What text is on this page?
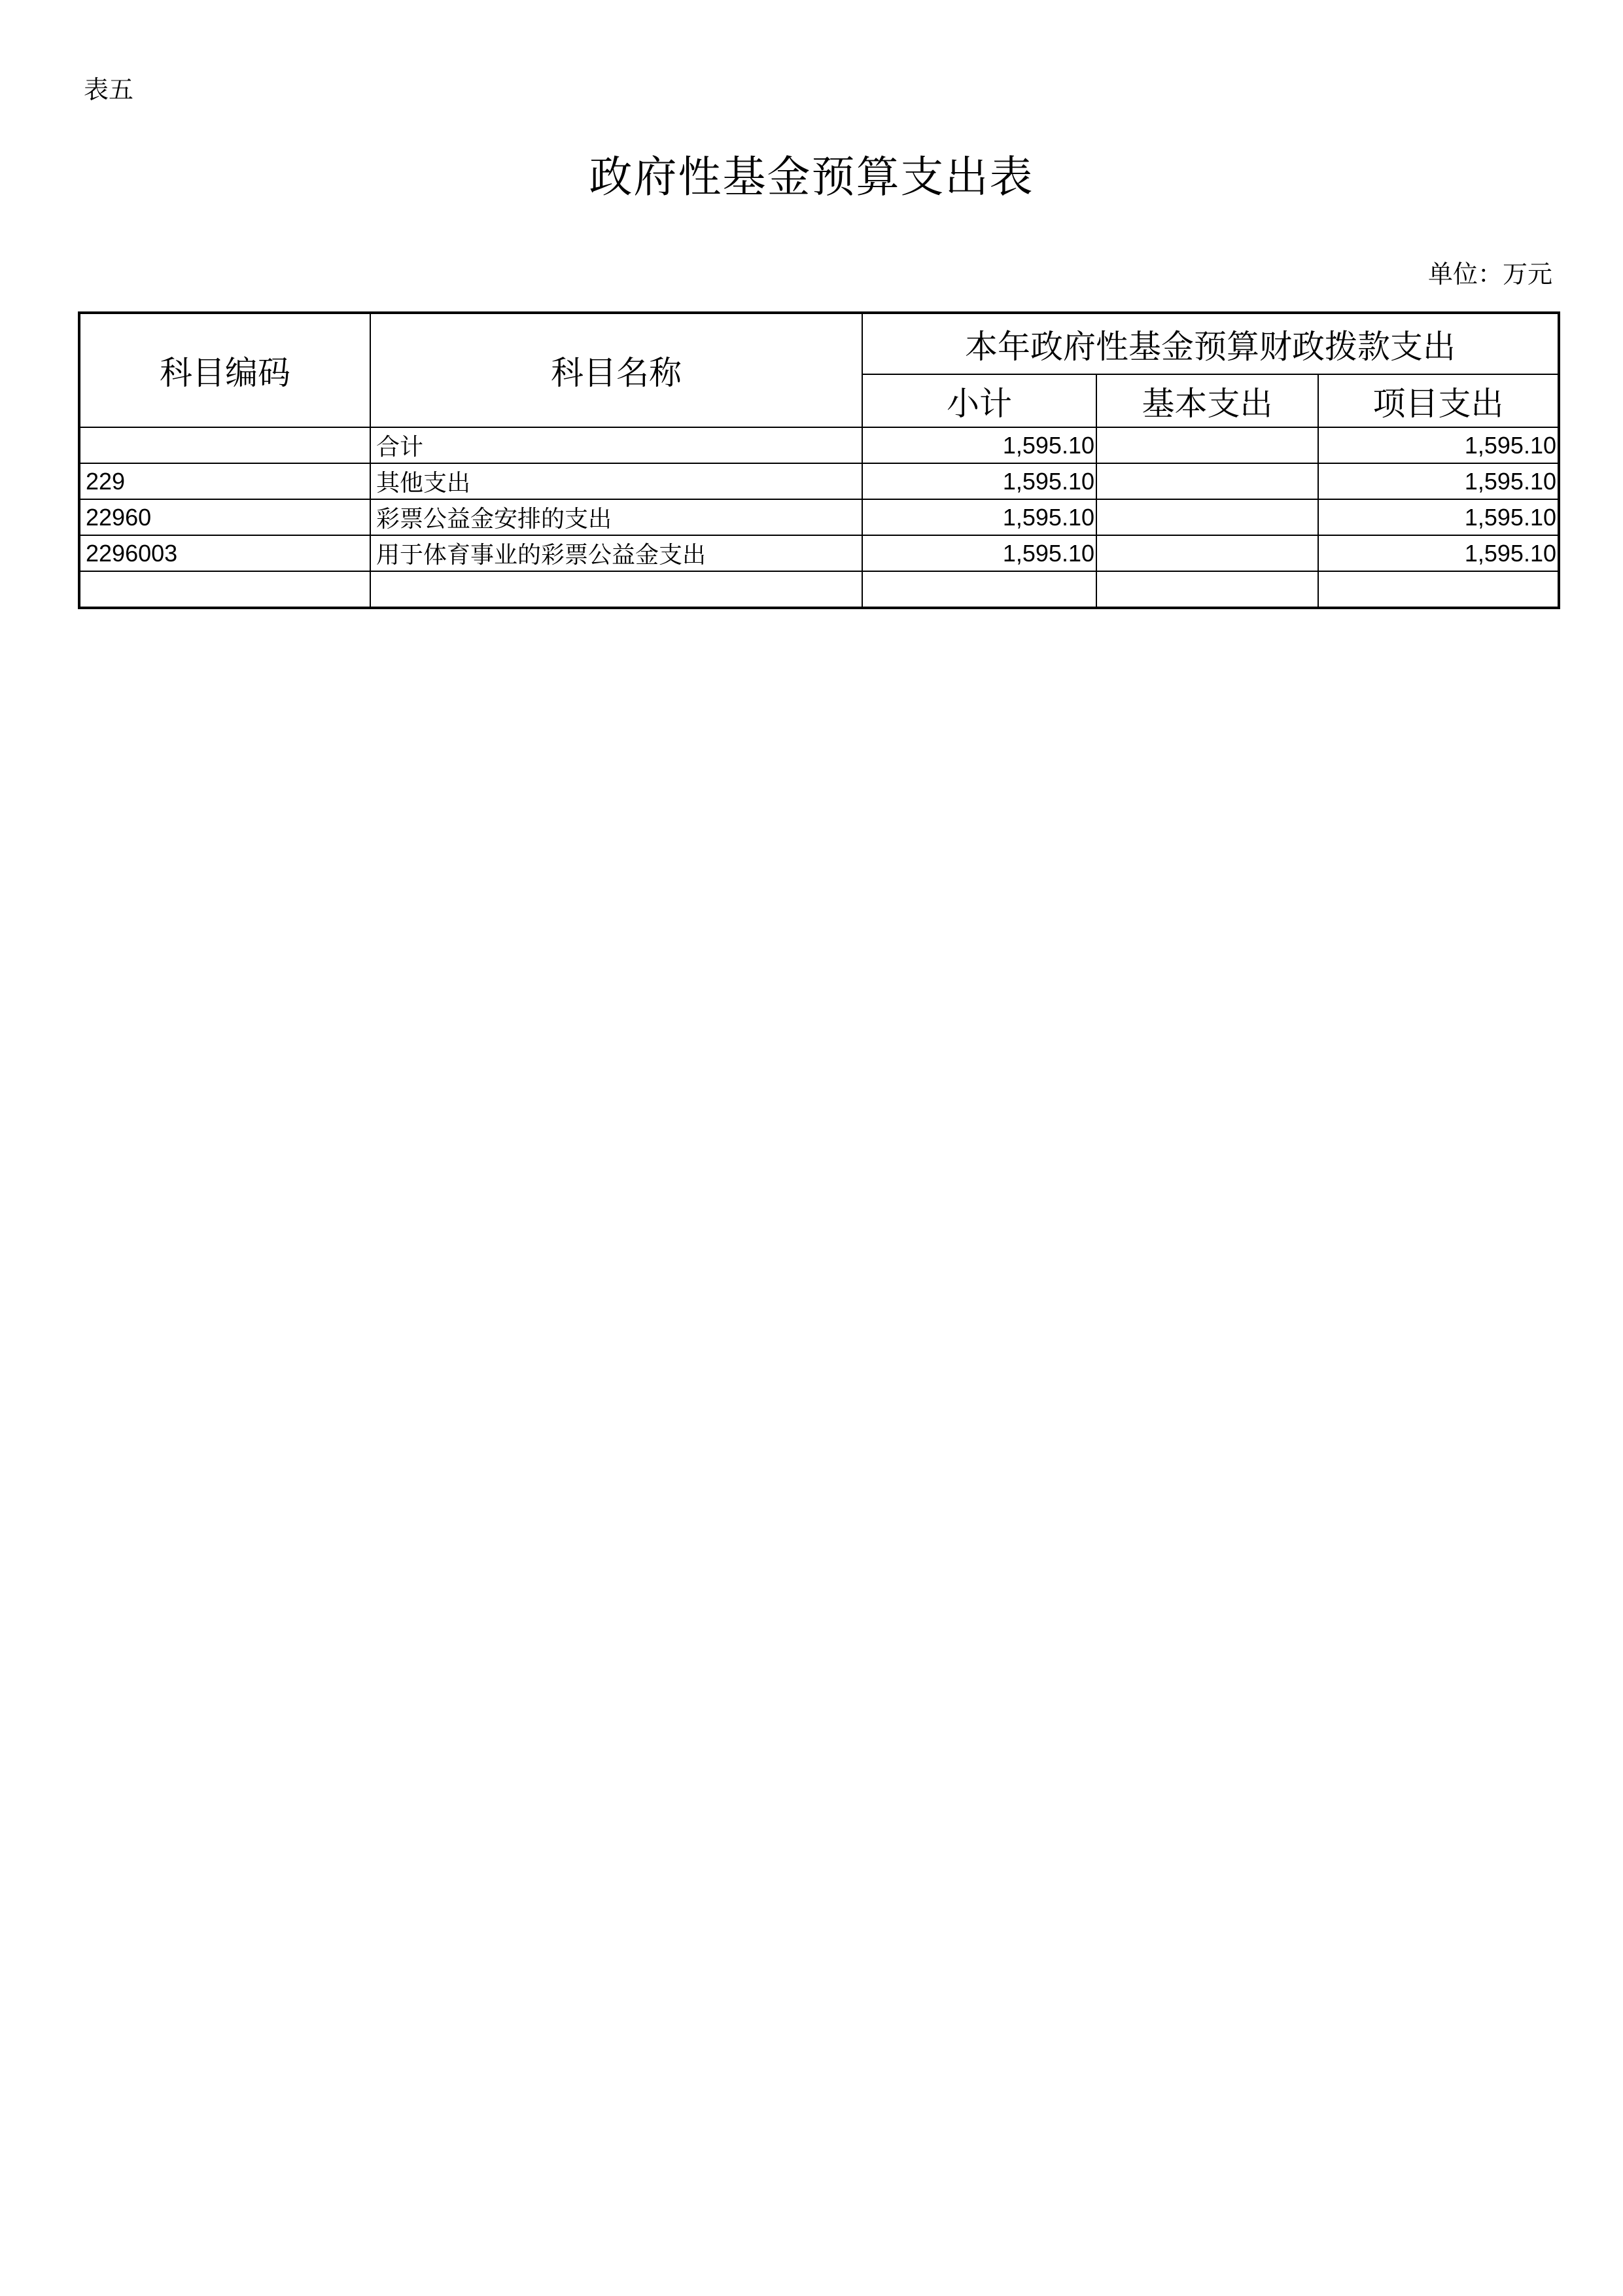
表五
政府性基金预算支出表
单位：万元
科目编码	科目名称	本年政府性基金预算财政拨款支出		
		小计	基本支出	项目支出
	合计	1,595.10		1,595.10
229	其他支出	1,595.10		1,595.10
22960	彩票公益金安排的支出	1,595.10		1,595.10
2296003	用于体育事业的彩票公益金支出	1,595.10		1,595.10
